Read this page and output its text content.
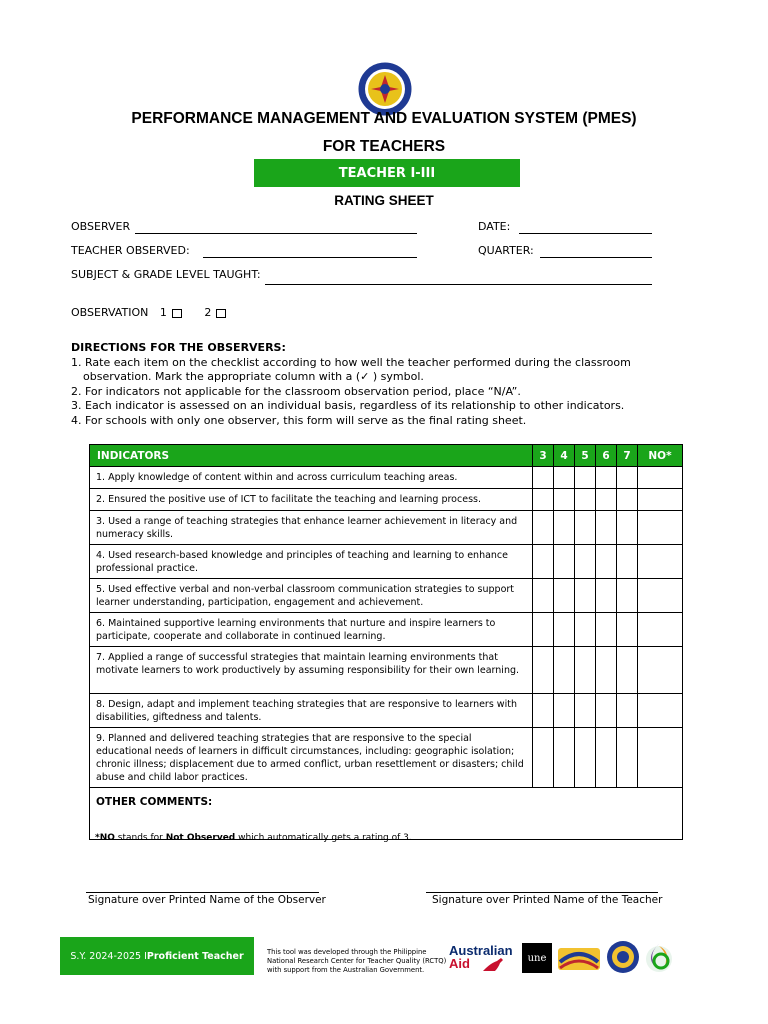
PERFORMANCE MANAGEMENT AND EVALUATION SYSTEM (PMES)
FOR TEACHERS
TEACHER I-III
RATING SHEET
OBSERVER	DATE:
TEACHER OBSERVED:	QUARTER:
SUBJECT & GRADE LEVEL TAUGHT:
OBSERVATION 1	2
DIRECTIONS FOR THE OBSERVERS:
1. Rate each item on the checklist according to how well the teacher performed during the classroom
observation. Mark the appropriate column with a (✓ ) symbol.
2. For indicators not applicable for the classroom observation period, place “N/A”.
3. Each indicator is assessed on an individual basis, regardless of its relationship to other indicators.
4. For schools with only one observer, this form will serve as the final rating sheet.
INDICATORS	3	4	5	6	7	NO*
1. Apply knowledge of content within and across curriculum teaching areas.						
2. Ensured the positive use of ICT to facilitate the teaching and learning process.						
3. Used a range of teaching strategies that enhance learner achievement in literacy and numeracy skills.						
4. Used research-based knowledge and principles of teaching and learning to enhance professional practice.						
5. Used effective verbal and non-verbal classroom communication strategies to support learner understanding, participation, engagement and achievement.						
6. Maintained supportive learning environments that nurture and inspire learners to participate, cooperate and collaborate in continued learning.						
7. Applied a range of successful strategies that maintain learning environments that motivate learners to work productively by assuming responsibility for their own learning.						
8. Design, adapt and implement teaching strategies that are responsive to learners with disabilities, giftedness and talents.						
9. Planned and delivered teaching strategies that are responsive to the special educational needs of learners in difficult circumstances, including: geographic isolation; chronic illness; displacement due to armed conflict, urban resettlement or disasters; child abuse and child labor practices.						
OTHER COMMENTS:						
*NO stands for Not Observed which automatically gets a rating of 3.
Signature over Printed Name of the Observer	Signature over Printed Name of the Teacher
S.Y. 2024-2025 I Proficient Teacher	This tool was developed through the Philippine National Research Center for Teacher Quality (RCTQ) with support from the Australian Government.
Australian
Aid	une
